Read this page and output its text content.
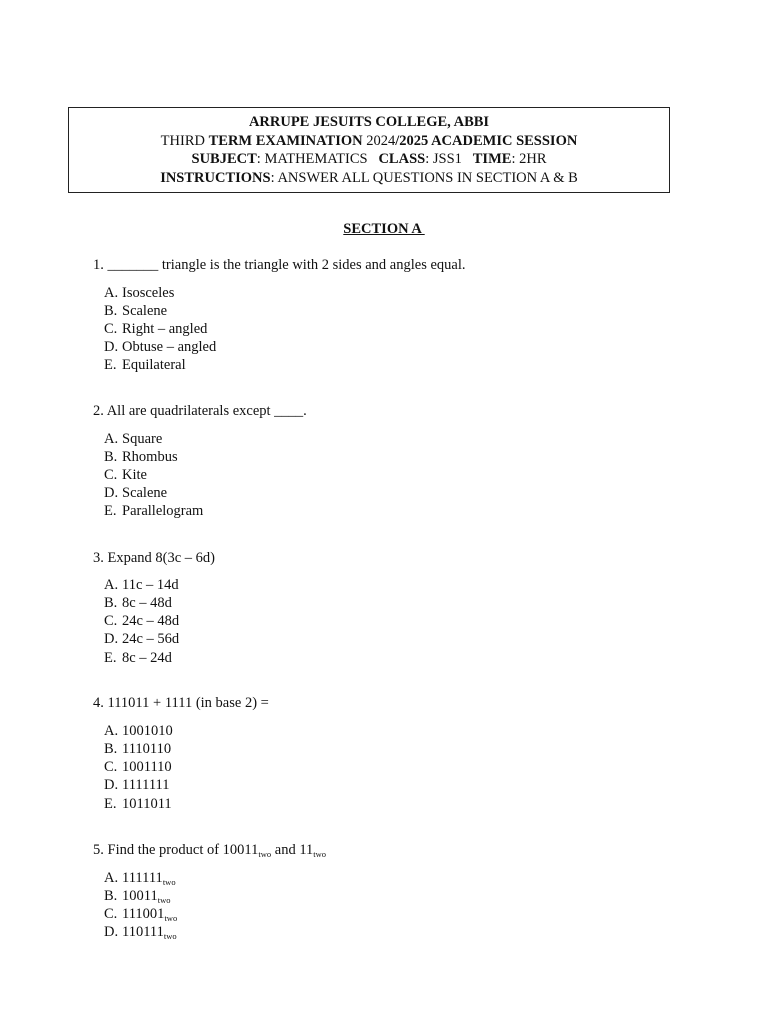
ARRUPE JESUITS COLLEGE, ABBI
THIRD TERM EXAMINATION 2024/2025 ACADEMIC SESSION
SUBJECT: MATHEMATICS   CLASS: JSS1   TIME: 2HR
INSTRUCTIONS: ANSWER ALL QUESTIONS IN SECTION A & B
SECTION A
1. _______ triangle is the triangle with 2 sides and angles equal.
A. Isosceles
B. Scalene
C. Right – angled
D. Obtuse – angled
E. Equilateral
2. All are quadrilaterals except ____.
A. Square
B. Rhombus
C. Kite
D. Scalene
E. Parallelogram
3. Expand 8(3c – 6d)
A. 11c – 14d
B. 8c – 48d
C. 24c – 48d
D. 24c – 56d
E. 8c – 24d
4. 111011 + 1111 (in base 2) =
A. 1001010
B. 1110110
C. 1001110
D. 1111111
E. 1011011
5. Find the product of $10011_{two}$ and $11_{two}$
A. $111111_{two}$
B. $10011_{two}$
C. $111001_{two}$
D. $110111_{two}$
